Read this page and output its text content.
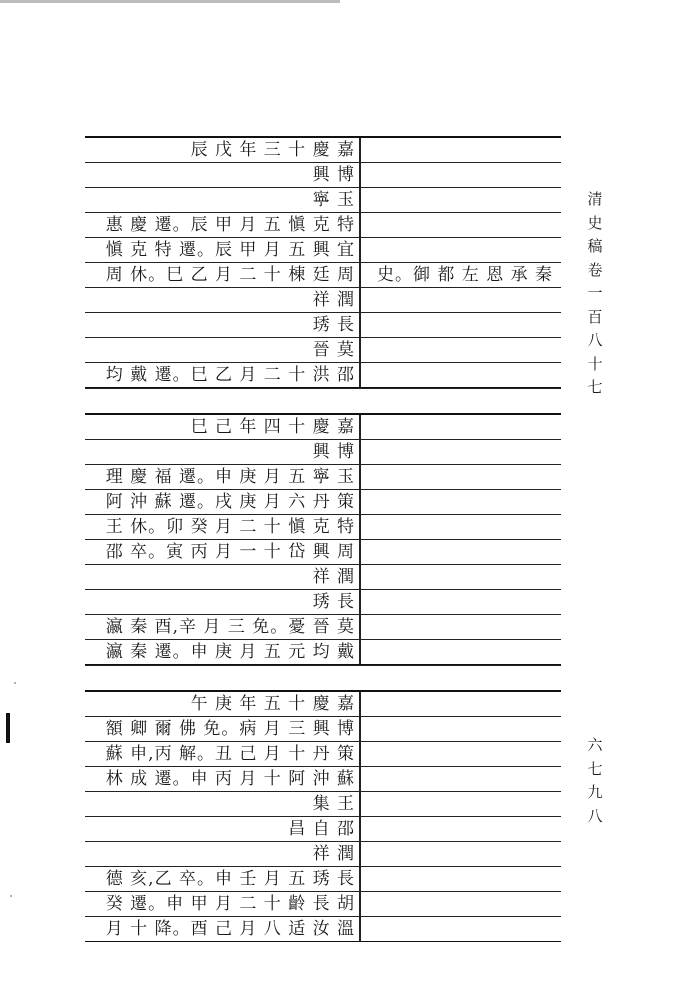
辰 戊 年 三 十 慶 嘉
興 博
寧 玉
惠 慶 遷。辰 甲 月 五 愼 克 特
愼 克 特 遷。辰 甲 月 五 興 宜
周 休。巳 乙 月 二 十 棟 廷 周 史。御 都 左 恩 承 秦
祥 潤
琇 長
晉 莫
均 戴 遷。巳 乙 月 二 十 洪 邵
巳 己 年 四 十 慶 嘉
興 博
理 慶 福 遷。申 庚 月 五 寧 玉
阿 沖 蘇 遷。戌 庚 月 六 丹 策
王 休。卯 癸 月 二 十 愼 克 特
邵 卒。寅 丙 月 一 十 岱 興 周
祥 潤
琇 長
瀛 秦 酉,辛 月 三 免。憂 晉 莫
瀛 秦 遷。申 庚 月 五 元 均 戴
午 庚 年 五 十 慶 嘉
額 卿 爾 佛 免。病 月 三 興 博
蘇 申,丙 解。丑 己 月 十 丹 策
林 成 遷。申 丙 月 十 阿 沖 蘇
集 王
昌 自 邵
祥 潤
德 亥,乙 卒。申 壬 月 五 琇 長
癸 遷。申 甲 月 二 十 齡 長 胡
月 十 降。酉 己 月 八 适 汝 溫
清
史
稿
卷
一
百
八
十
七
六
七
九
八
